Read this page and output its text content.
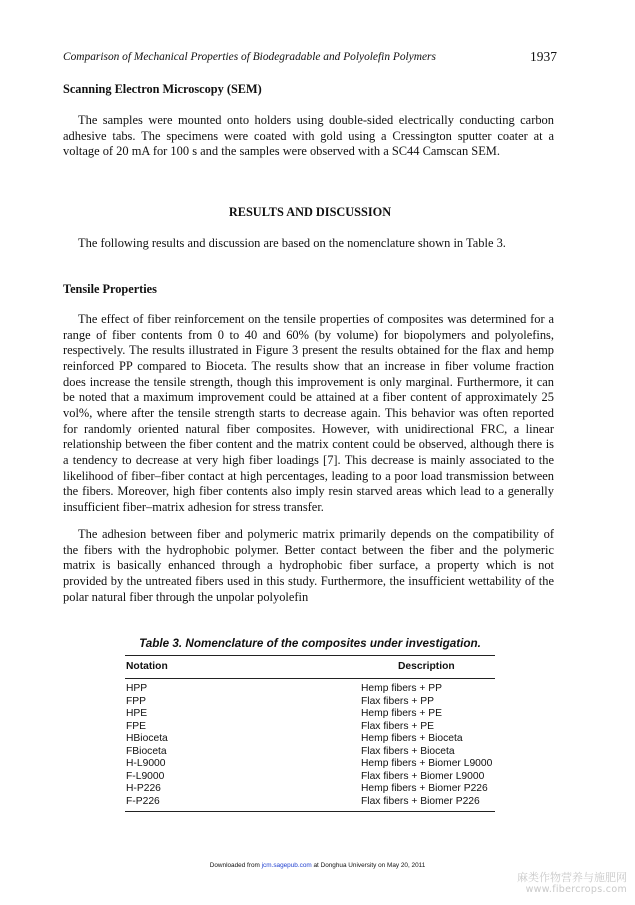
Comparison of Mechanical Properties of Biodegradable and Polyolefin Polymers	1937
Scanning Electron Microscopy (SEM)

The samples were mounted onto holders using double-sided electrically conducting carbon adhesive tabs. The specimens were coated with gold using a Cressington sputter coater at a voltage of 20 mA for 100 s and the samples were observed with a SC44 Camscan SEM.

RESULTS AND DISCUSSION

The following results and discussion are based on the nomenclature shown in Table 3.

Tensile Properties

The effect of fiber reinforcement on the tensile properties of composites was determined for a range of fiber contents from 0 to 40 and 60% (by volume) for biopolymers and polyolefins, respectively. The results illustrated in Figure 3 present the results obtained for the flax and hemp reinforced PP compared to Bioceta. The results show that an increase in fiber volume fraction does increase the tensile strength, though this improvement is only marginal. Furthermore, it can be noted that a maximum improvement could be attained at a fiber content of approximately 25 vol%, where after the tensile strength starts to decrease again. This behavior was often reported for randomly oriented natural fiber composites. However, with unidirectional FRC, a linear relationship between the fiber content and the matrix content could be observed, although there is a tendency to decrease at very high fiber loadings [7]. This decrease is mainly associated to the likelihood of fiber–fiber contact at high percentages, leading to a poor load transmission between the fibers. Moreover, high fiber contents also imply resin starved areas which lead to a generally insufficient fiber–matrix adhesion for stress transfer.

The adhesion between fiber and polymeric matrix primarily depends on the compatibility of the fibers with the hydrophobic polymer. Better contact between the fiber and the polymeric matrix is basically enhanced through a hydrophobic fiber surface, a property which is not provided by the untreated fibers used in this study. Furthermore, the insufficient wettability of the polar natural fiber through the unpolar polyolefin

Table 3. Nomenclature of the composites under investigation.
Notation	Description
HPP	Hemp fibers + PP
FPP	Flax fibers + PP
HPE	Hemp fibers + PE
FPE	Flax fibers + PE
HBioceta	Hemp fibers + Bioceta
FBioceta	Flax fibers + Bioceta
H-L9000	Hemp fibers + Biomer L9000
F-L9000	Flax fibers + Biomer L9000
H-P226	Hemp fibers + Biomer P226
F-P226	Flax fibers + Biomer P226
Downloaded from jcm.sagepub.com at Donghua University on May 20, 2011
麻类作物营养与施肥网
www.fibercrops.com
